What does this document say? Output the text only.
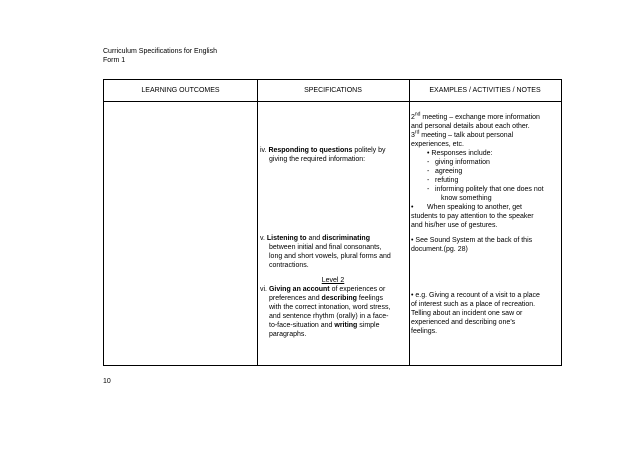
Curriculum Specifications for English
Form 1
LEARNING OUTCOMES	SPECIFICATIONS	EXAMPLES / ACTIVITIES / NOTES
iv. Responding to questions politely by
giving the required information:
v. Listening to and discriminating
between initial and final consonants,
long and short vowels, plural forms and
contractions.
Level 2
vi. Giving an account of experiences or
preferences and describing feelings
with the correct intonation, word stress,
and sentence rhythm (orally) in a face-
to-face-situation and writing simple
paragraphs.
2nd meeting – exchange more information
and personal details about each other.
3rd meeting – talk about personal
experiences, etc.
• Responses include:
- giving information
- agreeing
- refuting
- informing politely that one does not
know something
When speaking to another, get
•
students to pay attention to the speaker
and his/her use of gestures.
• See Sound System at the back of this
document.(pg. 28)
• e.g. Giving a recount of a visit to a place
of interest such as a place of recreation.
Telling about an incident one saw or
experienced and describing one’s
feelings.
10
